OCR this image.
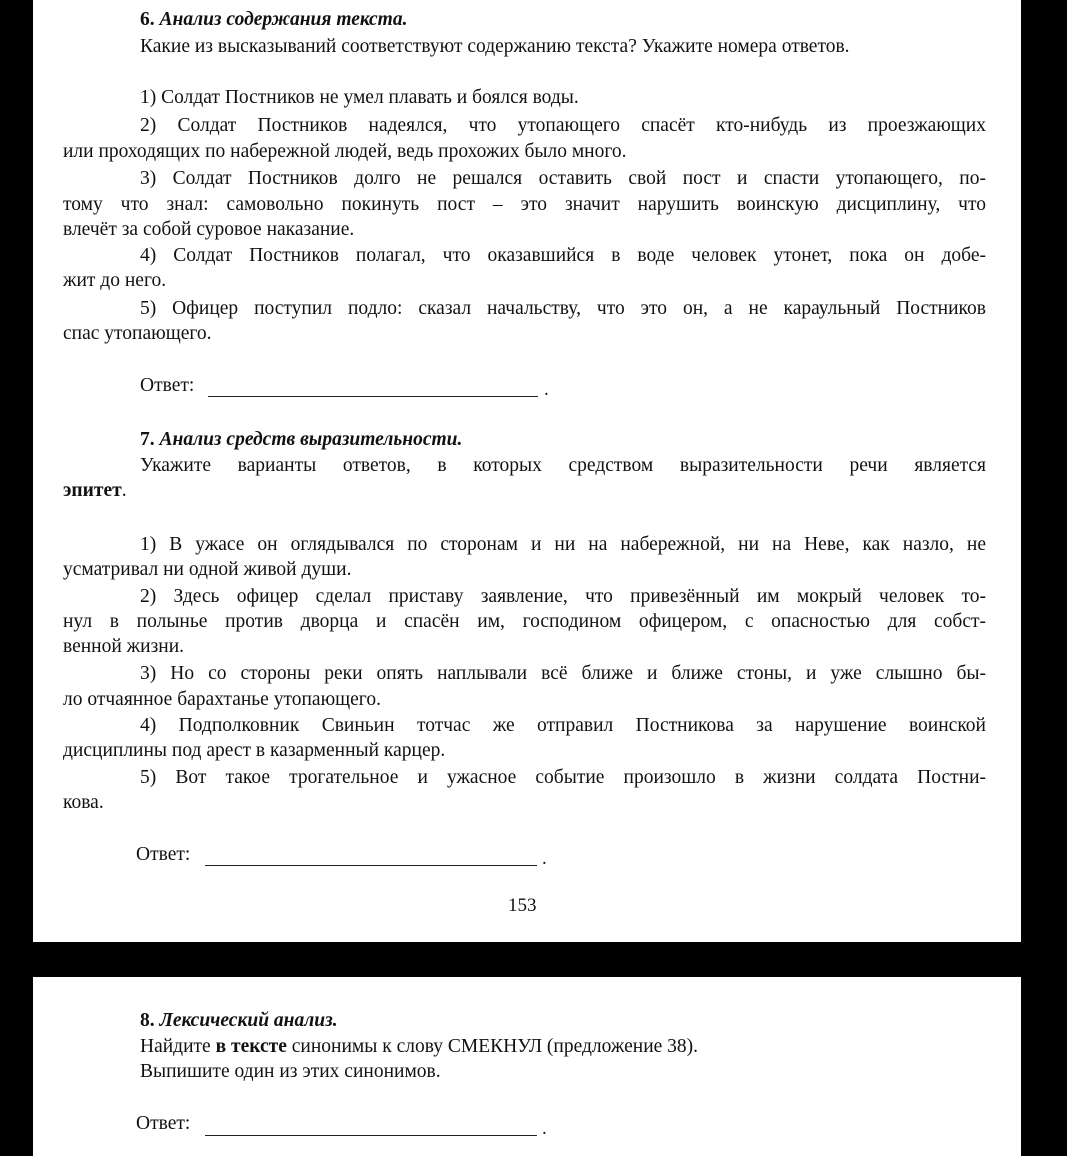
6. Анализ содержания текста.
Какие из высказываний соответствуют содержанию текста? Укажите номера ответов.
1) Солдат Постников не умел плавать и боялся воды.
2) Солдат Постников надеялся, что утопающего спасёт кто-нибудь из проезжающих
или проходящих по набережной людей, ведь прохожих было много.
3) Солдат Постников долго не решался оставить свой пост и спасти утопающего, по-
тому что знал: самовольно покинуть пост – это значит нарушить воинскую дисциплину, что
влечёт за собой суровое наказание.
4) Солдат Постников полагал, что оказавшийся в воде человек утонет, пока он добе-
жит до него.
5) Офицер поступил подло: сказал начальству, что это он, а не караульный Постников
спас утопающего.
Ответ:	.
7. Анализ средств выразительности.
Укажите варианты ответов, в которых средством выразительности речи является
эпитет.
1) В ужасе он оглядывался по сторонам и ни на набережной, ни на Неве, как назло, не
усматривал ни одной живой души.
2) Здесь офицер сделал приставу заявление, что привезённый им мокрый человек то-
нул в полынье против дворца и спасён им, господином офицером, с опасностью для собст-
венной жизни.
3) Но со стороны реки опять наплывали всё ближе и ближе стоны, и уже слышно бы-
ло отчаянное барахтанье утопающего.
4) Подполковник Свиньин тотчас же отправил Постникова за нарушение воинской
дисциплины под арест в казарменный карцер.
5) Вот такое трогательное и ужасное событие произошло в жизни солдата Постни-
кова.
Ответ:	.
153
8. Лексический анализ.
Найдите в тексте синонимы к слову СМЕКНУЛ (предложение 38).
Выпишите один из этих синонимов.
Ответ:	.
